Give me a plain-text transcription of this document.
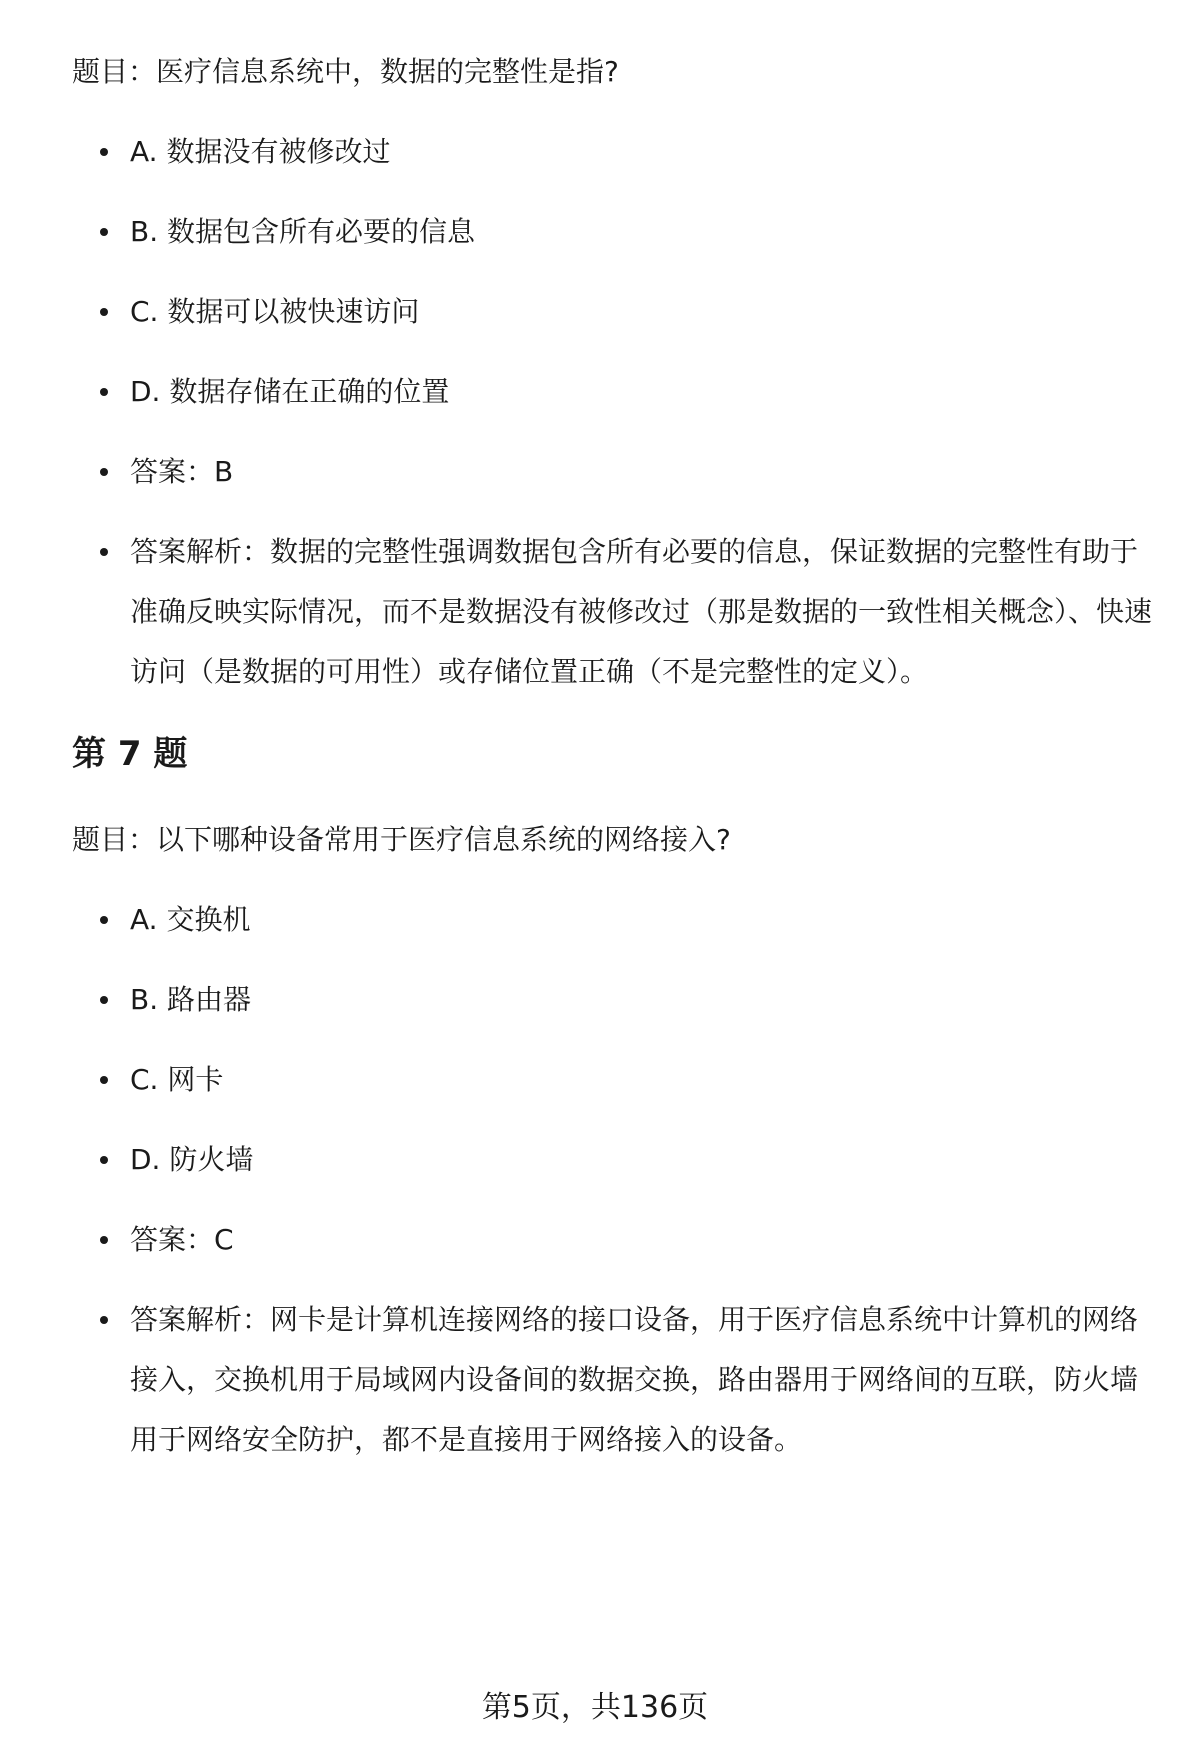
题目：医疗信息系统中，数据的完整性是指?
A. 数据没有被修改过
B. 数据包含所有必要的信息
C. 数据可以被快速访问
D. 数据存储在正确的位置
答案：B
答案解析：数据的完整性强调数据包含所有必要的信息，保证数据的完整性有助于准确反映实际情况，而不是数据没有被修改过（那是数据的一致性相关概念）、快速访问（是数据的可用性）或存储位置正确（不是完整性的定义）。
第 7 题
题目：以下哪种设备常用于医疗信息系统的网络接入?
A. 交换机
B. 路由器
C. 网卡
D. 防火墙
答案：C
答案解析：网卡是计算机连接网络的接口设备，用于医疗信息系统中计算机的网络接入，交换机用于局域网内设备间的数据交换，路由器用于网络间的互联，防火墙用于网络安全防护，都不是直接用于网络接入的设备。
第5页，共136页
